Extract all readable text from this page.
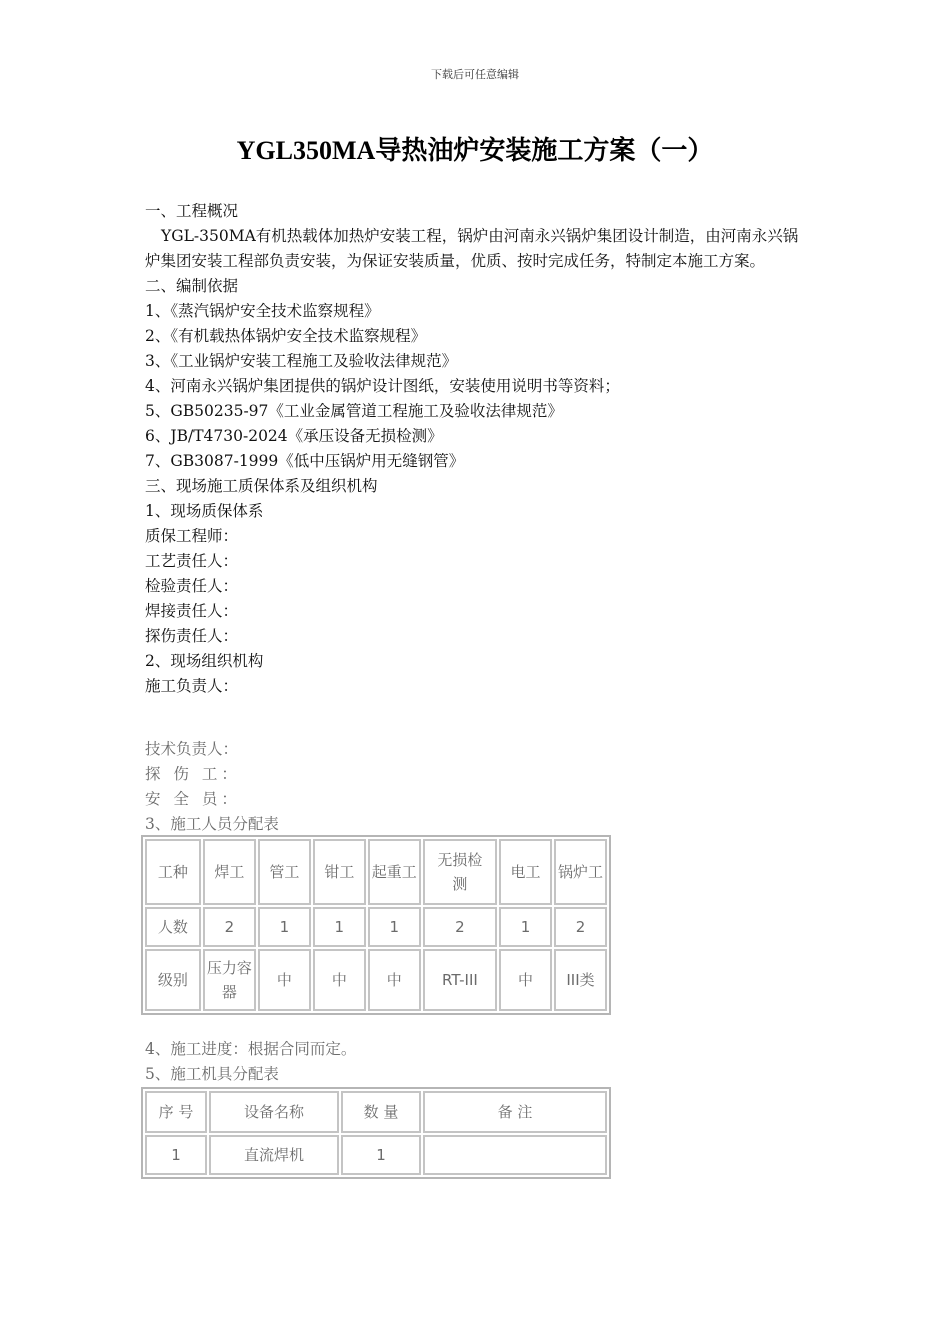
下载后可任意编辑
YGL350MA导热油炉安装施工方案（一）

一、工程概况

YGL-350MA有机热载体加热炉安装工程，锅炉由河南永兴锅炉集团设计制造，由河南永兴锅炉集团安装工程部负责安装，为保证安装质量，优质、按时完成任务，特制定本施工方案。

二、编制依据

1、《蒸汽锅炉安全技术监察规程》

2、《有机载热体锅炉安全技术监察规程》

3、《工业锅炉安装工程施工及验收法律规范》

4、河南永兴锅炉集团提供的锅炉设计图纸，安装使用说明书等资料；

5、GB50235-97《工业金属管道工程施工及验收法律规范》

6、JB/T4730-2024《承压设备无损检测》

7、GB3087-1999《低中压锅炉用无缝钢管》

三、现场施工质保体系及组织机构

1、现场质保体系

质保工程师：

工艺责任人：

检验责任人：

焊接责任人：

探伤责任人：

2、现场组织机构

施工负责人：

技术负责人：

探 伤 工：

安 全 员：

3、施工人员分配表

工种	焊工	管工	钳工	起重工	无损检测	电工	锅炉工
人数	2	1	1	1	2	1	2
级别	压力容器	中	中	中	RT-III	中	III类

4、施工进度：根据合同而定。

5、施工机具分配表

序 号	设备名称	数 量	备 注
1	直流焊机	1	
